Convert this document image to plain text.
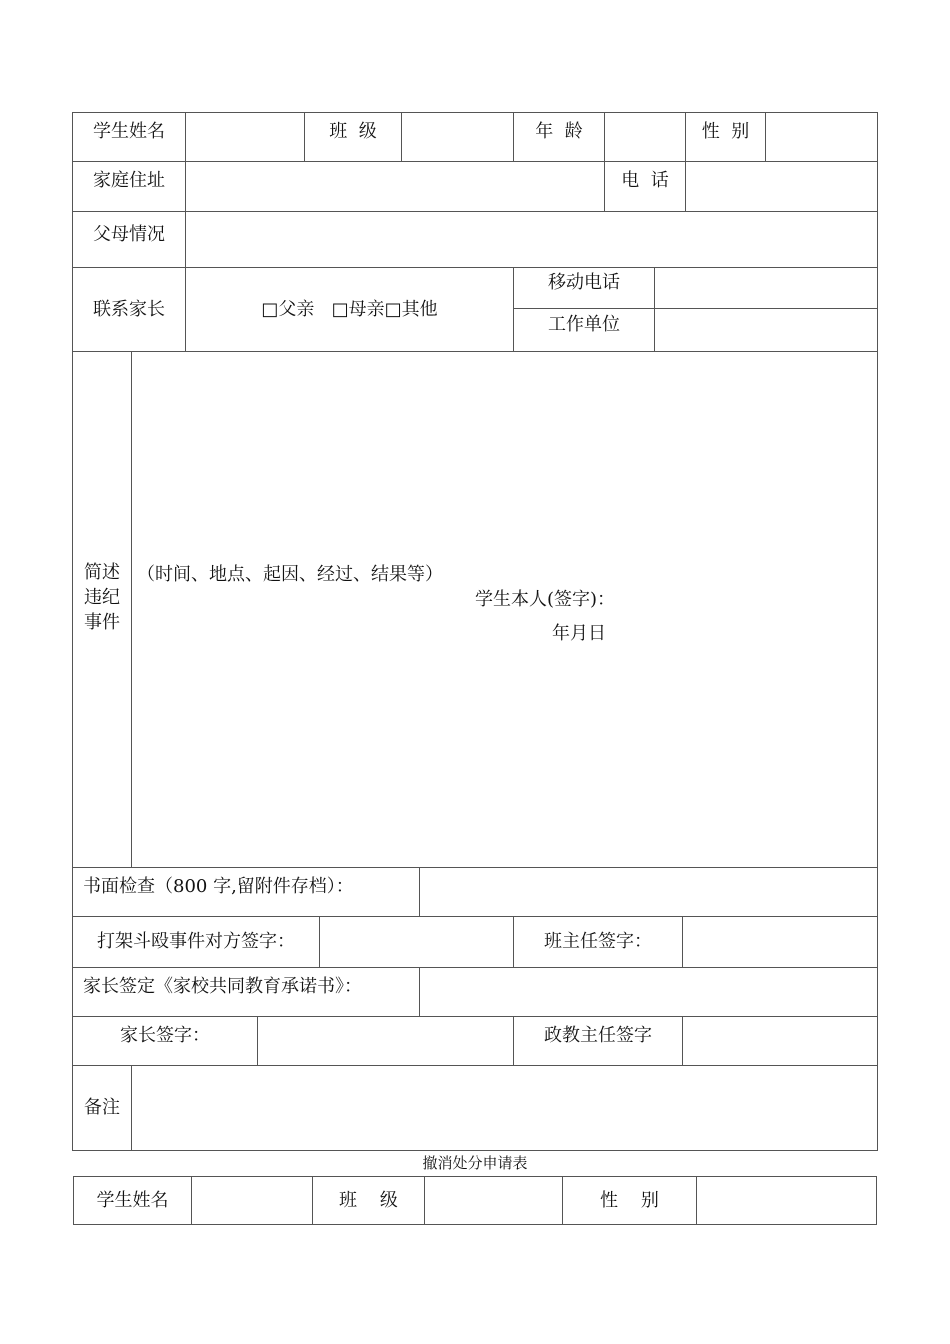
学生姓名	班  级	年  龄	性  别
家庭住址	电  话
父母情况
联系家长	□父亲   □母亲□其他
移动电话
工作单位
简述
违纪
事件
（时间、地点、起因、经过、结果等）
学生本人(签字)：
年月日
书面检查（800 字,留附件存档）：
打架斗殴事件对方签字：	班主任签字：
家长签定《家校共同教育承诺书》：
家长签字：	政教主任签字
备注
撤消处分申请表
学生姓名	班    级	性    别
